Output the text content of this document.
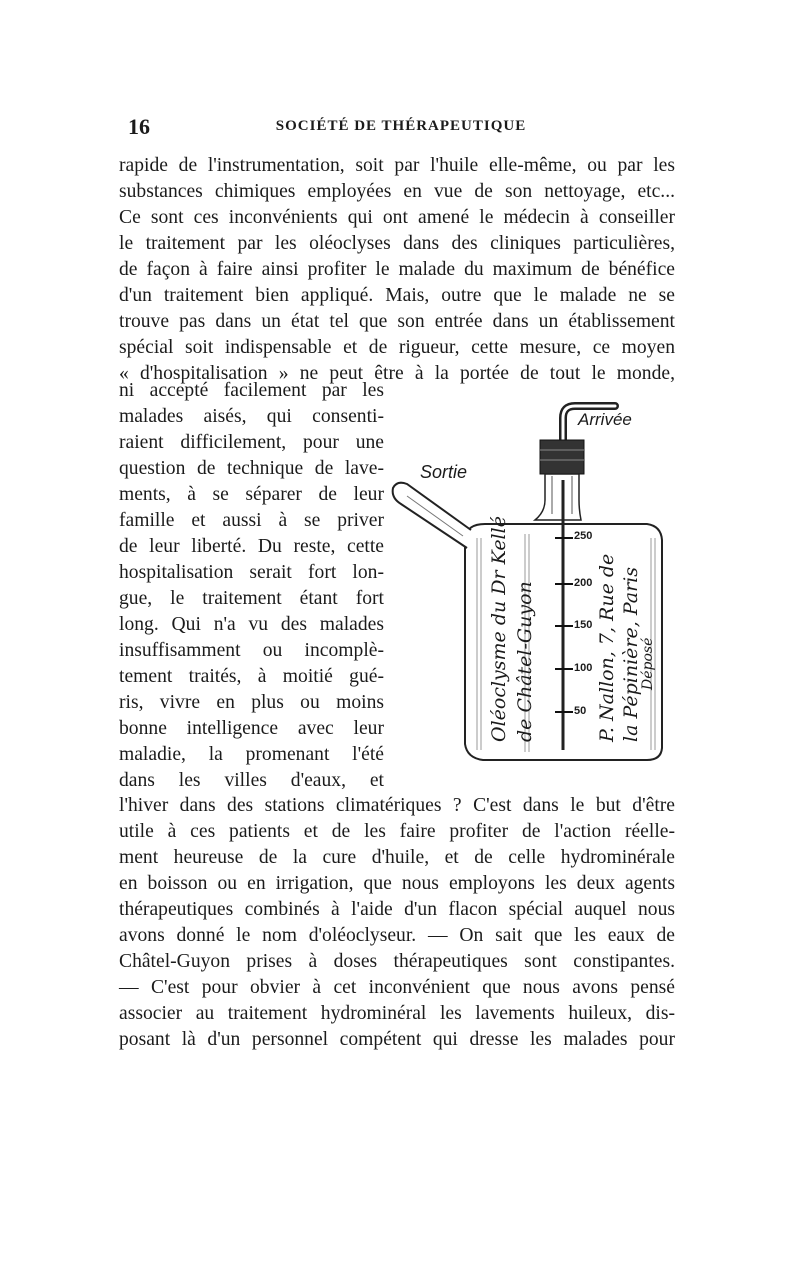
16	SOCIÉTÉ DE THÉRAPEUTIQUE
rapide de l'instrumentation, soit par l'huile elle-même, ou par les
substances chimiques employées en vue de son nettoyage, etc...
Ce sont ces inconvénients qui ont amené le médecin à conseiller
le traitement par les oléoclyses dans des cliniques particulières,
de façon à faire ainsi profiter le malade du maximum de bénéfice
d'un traitement bien appliqué. Mais, outre que le malade ne se
trouve pas dans un état tel que son entrée dans un établissement
spécial soit indispensable et de rigueur, cette mesure, ce moyen
« d'hospitalisation » ne peut être à la portée de tout le monde,
ni accepté facilement par les
malades aisés, qui consenti-
raient difficilement, pour une
question de technique de lave-
ments, à se séparer de leur
famille et aussi à se priver
de leur liberté. Du reste, cette
hospitalisation serait fort lon-
gue, le traitement étant fort
long. Qui n'a vu des malades
insuffisamment ou incomplè-
tement traités, à moitié gué-
ris, vivre en plus ou moins
bonne intelligence avec leur
maladie, la promenant l'été
dans les villes d'eaux, et
l'hiver dans des stations climatériques ? C'est dans le but d'être
utile à ces patients et de les faire profiter de l'action réelle-
ment heureuse de la cure d'huile, et de celle hydrominérale
en boisson ou en irrigation, que nous employons les deux agents
thérapeutiques combinés à l'aide d'un flacon spécial auquel nous
avons donné le nom d'oléoclyseur. — On sait que les eaux de
Châtel-Guyon prises à doses thérapeutiques sont constipantes.
— C'est pour obvier à cet inconvénient que nous avons pensé
associer au traitement hydrominéral les lavements huileux, dis-
posant là d'un personnel compétent qui dresse les malades pour
Arrivée
Sortie
250
200
150
100
50
Oléoclysme du Dr Kellé de Châtel-Guyon	P. Nallon, 7, Rue de la Pépinière, Paris
Déposé
